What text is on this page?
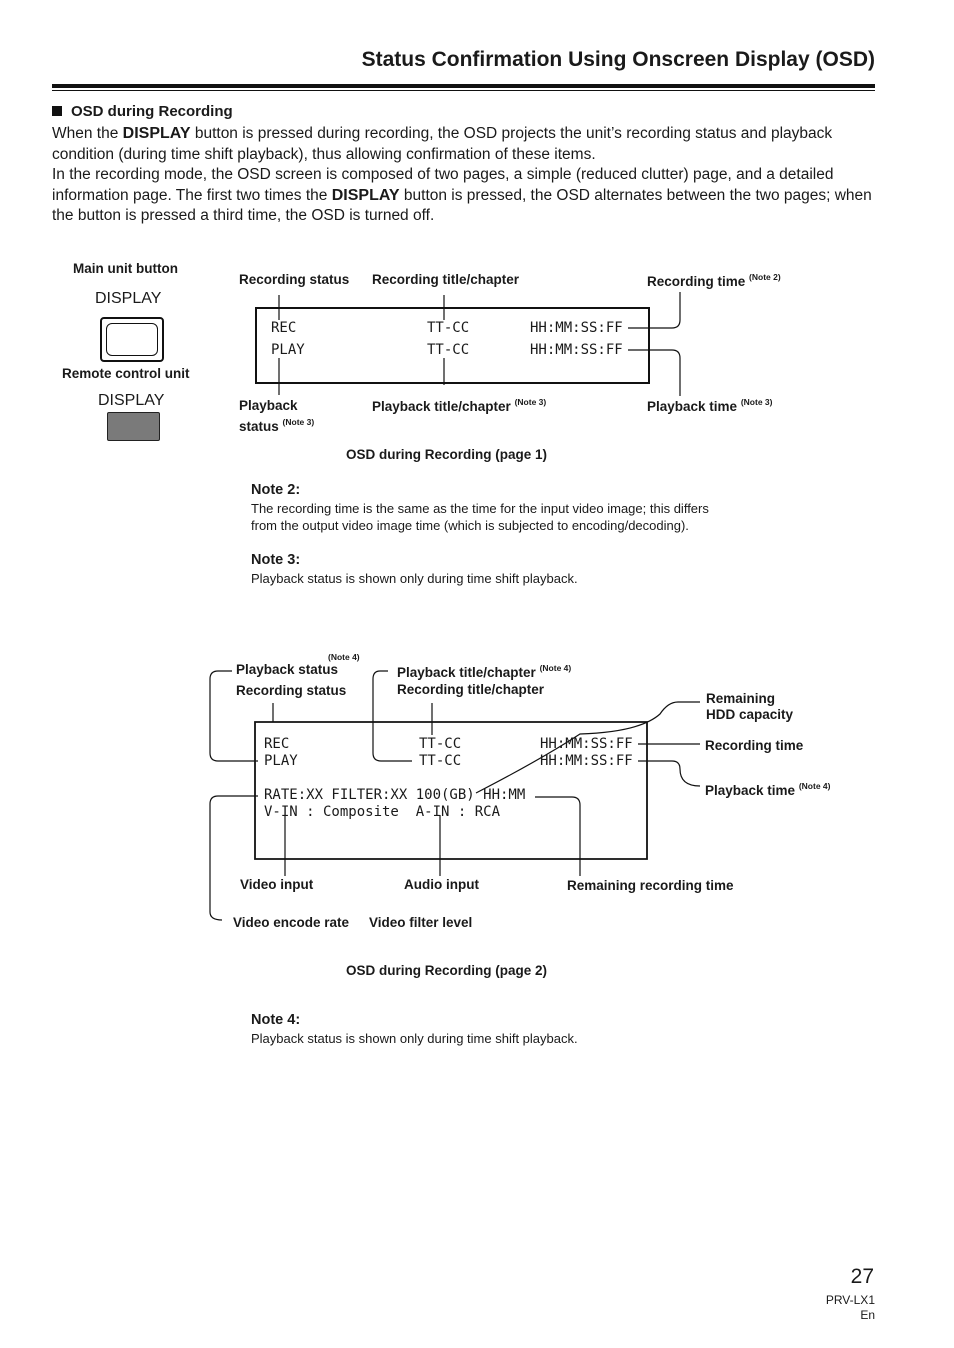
Status Confirmation Using Onscreen Display (OSD)
OSD during Recording

When the DISPLAY button is pressed during recording, the OSD projects the unit’s recording status and playback condition (during time shift playback), thus allowing confirmation of these items.

In the recording mode, the OSD screen is composed of two pages, a simple (reduced clutter) page, and a detailed information page. The first two times the DISPLAY button is pressed, the OSD alternates between the two pages; when the button is pressed a third time, the OSD is turned off.

Main unit button
DISPLAY
Remote control unit
DISPLAY
Recording status Recording title/chapter	Recording time $^{(Note 2)}$
REC	TT-CC	HH:MM:SS:FF
PLAY	TT-CC	HH:MM:SS:FF
Playback
status $^{(Note 3)}$
Playback title/chapter $^{(Note 3)}$	Playback time $^{(Note 3)}$
OSD during Recording (page 1)
Note 2:
The recording time is the same as the time for the input video image; this differs from the output video image time (which is subjected to encoding/decoding).
Note 3:
Playback status is shown only during time shift playback.
(Note 4)
Playback status
Recording status
Playback title/chapter $^{(Note 4)}$
Recording title/chapter
Remaining
HDD capacity
Recording time
Playback time $^{(Note 4)}$
REC	TT-CC	HH:MM:SS:FF
PLAY	TT-CC	HH:MM:SS:FF
RATE:XX FILTER:XX 100(GB) HH:MM
V-IN : Composite  A-IN : RCA
Video input	Audio input	Remaining recording time
Video encode rate Video filter level
OSD during Recording (page 2)
Note 4:
Playback status is shown only during time shift playback.
27
PRV-LX1
En
